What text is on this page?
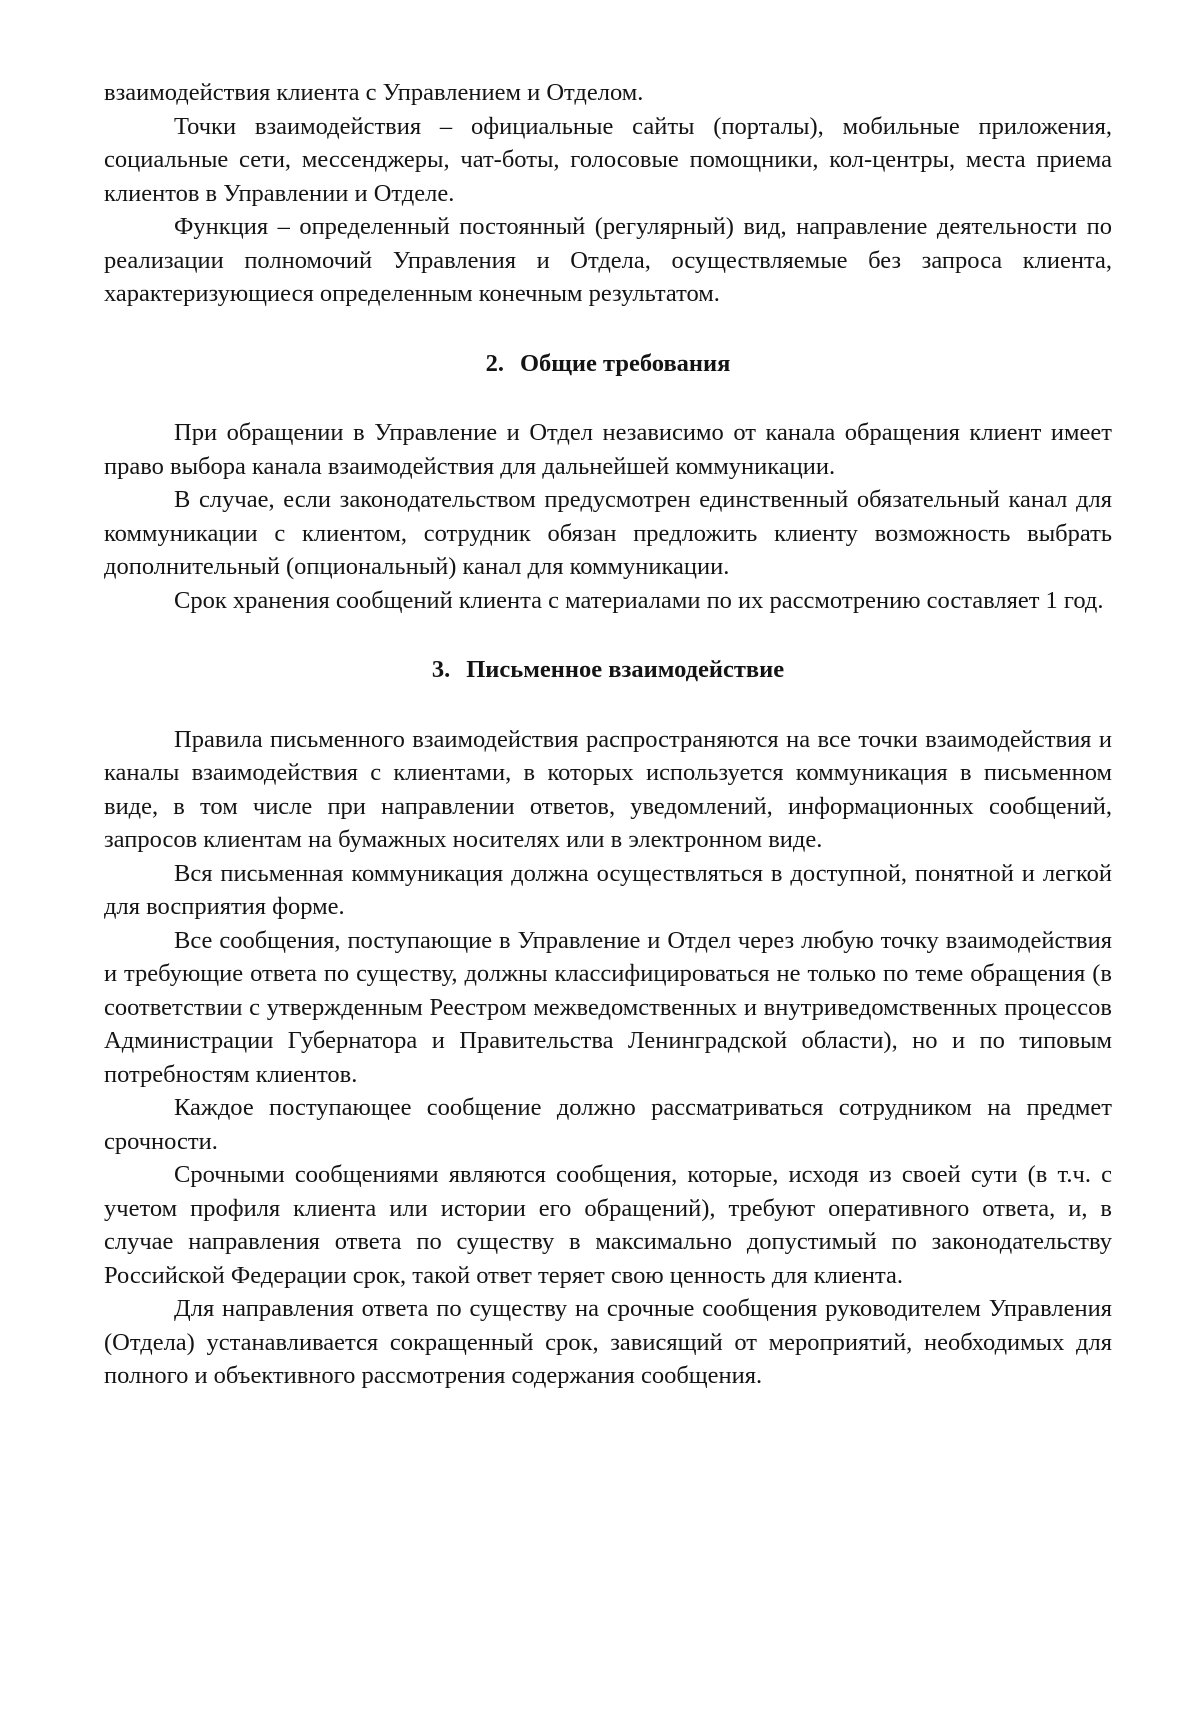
взаимодействия клиента с Управлением и Отделом.

Точки взаимодействия – официальные сайты (порталы), мобильные приложения, социальные сети, мессенджеры, чат-боты, голосовые помощники, кол-центры, места приема клиентов в Управлении и Отделе.

Функция – определенный постоянный (регулярный) вид, направление деятельности по реализации полномочий Управления и Отдела, осуществляемые без запроса клиента, характеризующиеся определенным конечным результатом.

2. Общие требования

При обращении в Управление и Отдел независимо от канала обращения клиент имеет право выбора канала взаимодействия для дальнейшей коммуникации.

В случае, если законодательством предусмотрен единственный обязательный канал для коммуникации с клиентом, сотрудник обязан предложить клиенту возможность выбрать дополнительный (опциональный) канал для коммуникации.

Срок хранения сообщений клиента с материалами по их рассмотрению составляет 1 год.

3. Письменное взаимодействие

Правила письменного взаимодействия распространяются на все точки взаимодействия и каналы взаимодействия с клиентами, в которых используется коммуникация в письменном виде, в том числе при направлении ответов, уведомлений, информационных сообщений, запросов клиентам на бумажных носителях или в электронном виде.

Вся письменная коммуникация должна осуществляться в доступной, понятной и легкой для восприятия форме.

Все сообщения, поступающие в Управление и Отдел через любую точку взаимодействия и требующие ответа по существу, должны классифицироваться не только по теме обращения (в соответствии с утвержденным Реестром межведомственных и внутриведомственных процессов Администрации Губернатора и Правительства Ленинградской области), но и по типовым потребностям клиентов.

Каждое поступающее сообщение должно рассматриваться сотрудником на предмет срочности.

Срочными сообщениями являются сообщения, которые, исходя из своей сути (в т.ч. с учетом профиля клиента или истории его обращений), требуют оперативного ответа, и, в случае направления ответа по существу в максимально допустимый по законодательству Российской Федерации срок, такой ответ теряет свою ценность для клиента.

Для направления ответа по существу на срочные сообщения руководителем Управления (Отдела) устанавливается сокращенный срок, зависящий от мероприятий, необходимых для полного и объективного рассмотрения содержания сообщения.
